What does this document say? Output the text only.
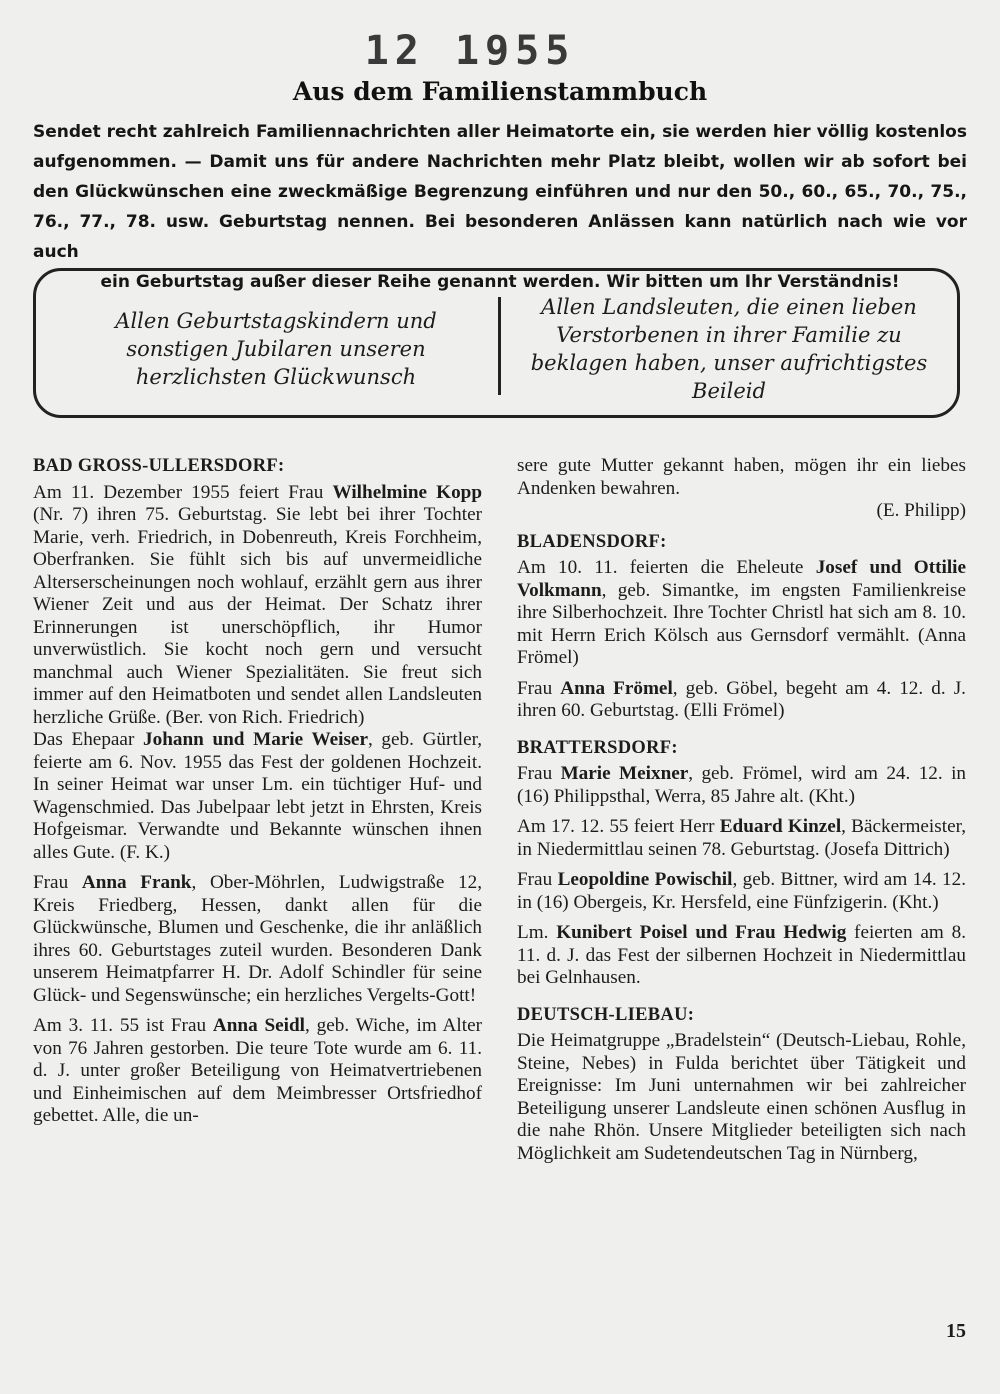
12 1955
Aus dem Familienstammbuch

Sendet recht zahlreich Familiennachrichten aller Heimatorte ein, sie werden hier völlig kostenlos aufgenommen. — Damit uns für andere Nachrichten mehr Platz bleibt, wollen wir ab sofort bei den Glückwünschen eine zweckmäßige Begrenzung einführen und nur den 50., 60., 65., 70., 75., 76., 77., 78. usw. Geburtstag nennen. Bei besonderen Anlässen kann natürlich nach wie vor auch

ein Geburtstag außer dieser Reihe genannt werden. Wir bitten um Ihr Verständnis!

Allen Geburtstagskindern und sonstigen Jubilaren unseren herzlichsten Glückwunsch
Allen Landsleuten, die einen lieben Verstorbenen in ihrer Familie zu beklagen haben, unser aufrichtigstes Beileid
BAD GROSS-ULLERSDORF:

Am 11. Dezember 1955 feiert Frau Wilhelmine Kopp (Nr. 7) ihren 75. Geburtstag. Sie lebt bei ihrer Tochter Marie, verh. Friedrich, in Dobenreuth, Kreis Forchheim, Oberfranken. Sie fühlt sich bis auf unvermeidliche Alterserscheinungen noch wohlauf, erzählt gern aus ihrer Wiener Zeit und aus der Heimat. Der Schatz ihrer Erinnerungen ist unerschöpflich, ihr Humor unverwüstlich. Sie kocht noch gern und versucht manchmal auch Wiener Spezialitäten. Sie freut sich immer auf den Heimatboten und sendet allen Landsleuten herzliche Grüße. (Ber. von Rich. Friedrich)

Das Ehepaar Johann und Marie Weiser, geb. Gürtler, feierte am 6. Nov. 1955 das Fest der goldenen Hochzeit. In seiner Heimat war unser Lm. ein tüchtiger Huf- und Wagenschmied. Das Jubelpaar lebt jetzt in Ehrsten, Kreis Hofgeismar. Verwandte und Bekannte wünschen ihnen alles Gute. (F. K.)

Frau Anna Frank, Ober-Möhrlen, Ludwigstraße 12, Kreis Friedberg, Hessen, dankt allen für die Glückwünsche, Blumen und Geschenke, die ihr anläßlich ihres 60. Geburtstages zuteil wurden. Besonderen Dank unserem Heimatpfarrer H. Dr. Adolf Schindler für seine Glück- und Segenswünsche; ein herzliches Vergelts-Gott!

Am 3. 11. 55 ist Frau Anna Seidl, geb. Wiche, im Alter von 76 Jahren gestorben. Die teure Tote wurde am 6. 11. d. J. unter großer Beteiligung von Heimatvertriebenen und Einheimischen auf dem Meimbresser Ortsfriedhof gebettet. Alle, die un-

sere gute Mutter gekannt haben, mögen ihr ein liebes Andenken bewahren.

(E. Philipp)

BLADENSDORF:

Am 10. 11. feierten die Eheleute Josef und Ottilie Volkmann, geb. Simantke, im engsten Familienkreise ihre Silberhochzeit. Ihre Tochter Christl hat sich am 8. 10. mit Herrn Erich Kölsch aus Gernsdorf vermählt. (Anna Frömel)

Frau Anna Frömel, geb. Göbel, begeht am 4. 12. d. J. ihren 60. Geburtstag. (Elli Frömel)

BRATTERSDORF:

Frau Marie Meixner, geb. Frömel, wird am 24. 12. in (16) Philippsthal, Werra, 85 Jahre alt. (Kht.)

Am 17. 12. 55 feiert Herr Eduard Kinzel, Bäckermeister, in Niedermittlau seinen 78. Geburtstag. (Josefa Dittrich)

Frau Leopoldine Powischil, geb. Bittner, wird am 14. 12. in (16) Obergeis, Kr. Hersfeld, eine Fünfzigerin. (Kht.)

Lm. Kunibert Poisel und Frau Hedwig feierten am 8. 11. d. J. das Fest der silbernen Hochzeit in Niedermittlau bei Gelnhausen.

DEUTSCH-LIEBAU:

Die Heimatgruppe „Bradelstein“ (Deutsch-Liebau, Rohle, Steine, Nebes) in Fulda berichtet über Tätigkeit und Ereignisse: Im Juni unternahmen wir bei zahlreicher Beteiligung unserer Landsleute einen schönen Ausflug in die nahe Rhön. Unsere Mitglieder beteiligten sich nach Möglichkeit am Sudetendeutschen Tag in Nürnberg,

15
